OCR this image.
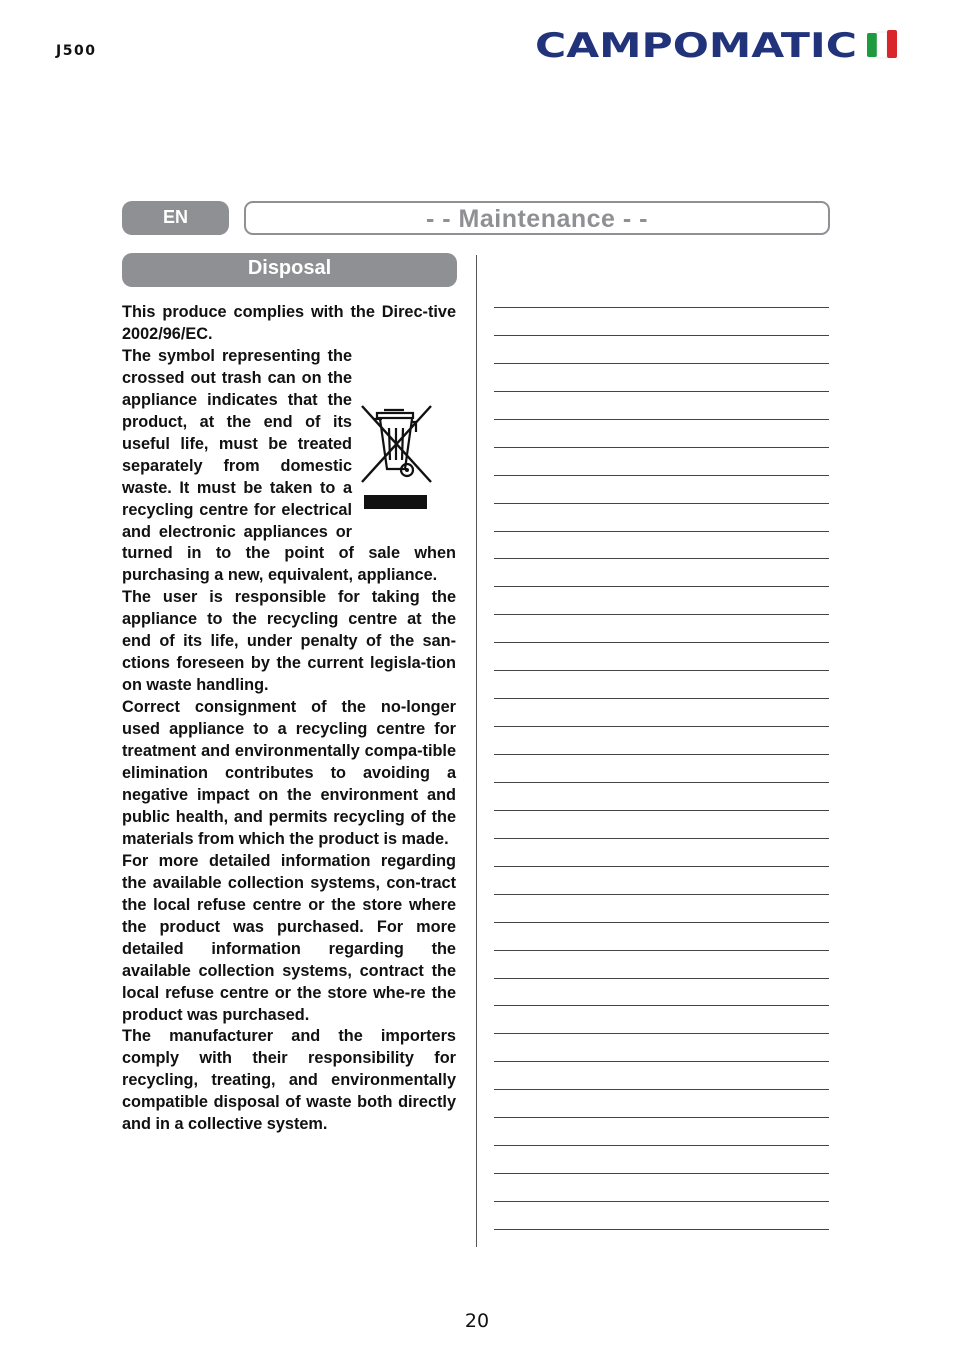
J500	CAMPOMATIC
EN	- - Maintenance - -
Disposal

This produce complies with the Direc-tive 2002/96/EC.

The symbol representing the crossed out trash can on the appliance indicates that the product, at the end of its useful life, must be treated separately from domestic waste. It must be taken to a recycling centre for electrical and electronic appliances or turned in to the point of sale when purchasing a new, equivalent, appliance.

The user is responsible for taking the appliance to the recycling centre at the end of its life, under penalty of the san-ctions foreseen by the current legisla-tion on waste handling.

Correct consignment of the no-longer used appliance to a recycling centre for treatment and environmentally compa-tible elimination contributes to avoiding a negative impact on the environment and public health, and permits recycling of the materials from which the product is made.

For more detailed information regarding the available collection systems, con-tract the local refuse centre or the store where the product was purchased. For more detailed information regarding the available collection systems, contract the local refuse centre or the store whe-re the product was purchased.

The manufacturer and the importers comply with their responsibility for recycling, treating, and environmentally compatible disposal of waste both directly and in a collective system.

20
